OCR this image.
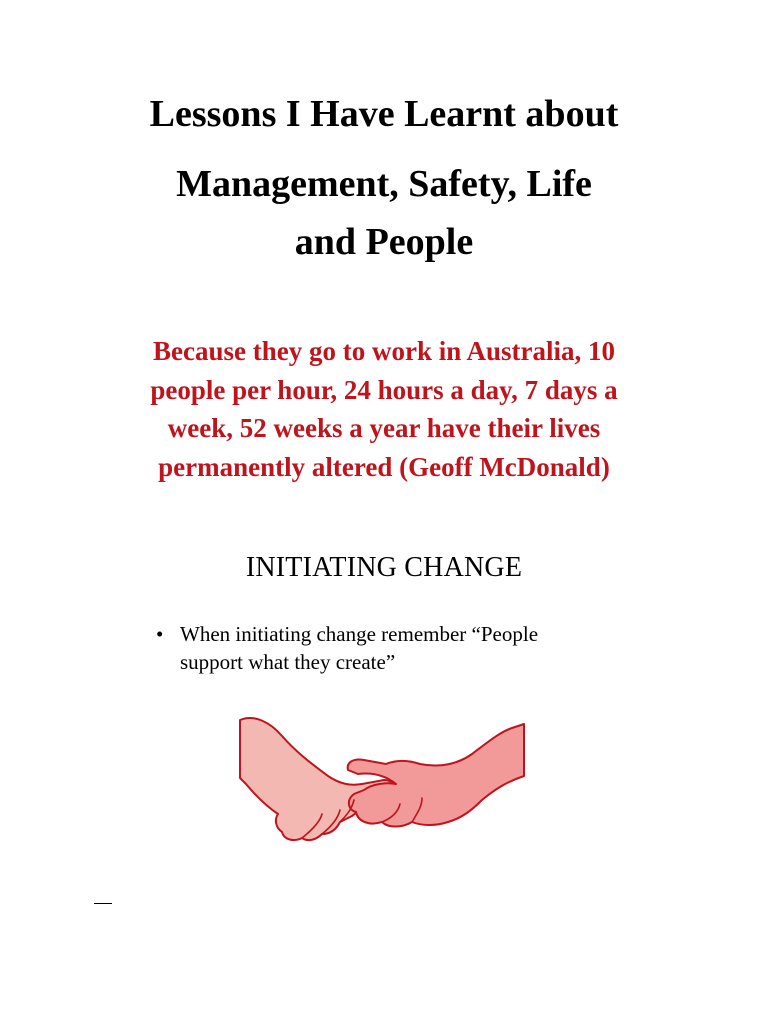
Lessons I Have Learnt about
Management, Safety, Life
and People

Because they go to work in Australia, 10
people per hour, 24 hours a day, 7 days a
week, 52 weeks a year have their lives
permanently altered (Geoff McDonald)

INITIATING CHANGE
• When initiating change remember “People
support what they create”
